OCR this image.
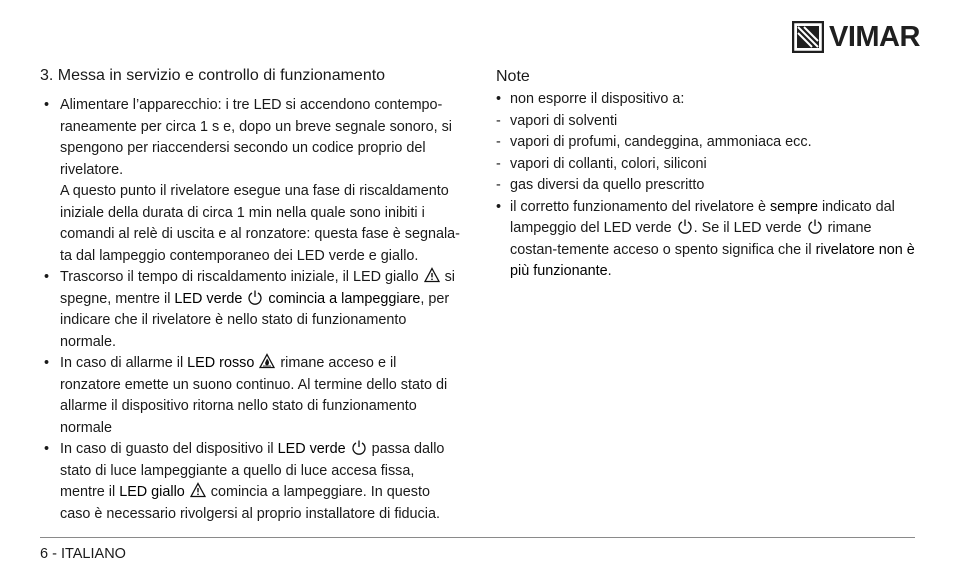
VIMAR
3. Messa in servizio e controllo di funzionamento

• Alimentare l’apparecchio: i tre LED si accendono contempo-raneamente per circa 1 s e, dopo un breve segnale sonoro, si spengono per riaccendersi secondo un codice proprio del rivelatore.

A questo punto il rivelatore esegue una fase di riscaldamento iniziale della durata di circa 1 min nella quale sono inibiti i comandi al relè di uscita e al ronzatore: questa fase è segnala-ta dal lampeggio contemporaneo dei LED verde e giallo.

• Trascorso il tempo di riscaldamento iniziale, il LED giallo si spegne, mentre il LED verde comincia a lampeggiare, per indicare che il rivelatore è nello stato di funzionamento normale.

• In caso di allarme il LED rosso rimane acceso e il ronzatore emette un suono continuo. Al termine dello stato di allarme il dispositivo ritorna nello stato di funzionamento normale

• In caso di guasto del dispositivo il LED verde passa dallo stato di luce lampeggiante a quello di luce accesa fissa, mentre il LED giallo comincia a lampeggiare. In questo caso è necessario rivolgersi al proprio installatore di fiducia.

Note

• non esporre il dispositivo a:

- vapori di solventi

- vapori di profumi, candeggina, ammoniaca ecc.

- vapori di collanti, colori, siliconi

- gas diversi da quello prescritto

• il corretto funzionamento del rivelatore è sempre indicato dal lampeggio del LED verde . Se il LED verde rimane costan-temente acceso o spento significa che il rivelatore non è più funzionante.

6 - ITALIANO
